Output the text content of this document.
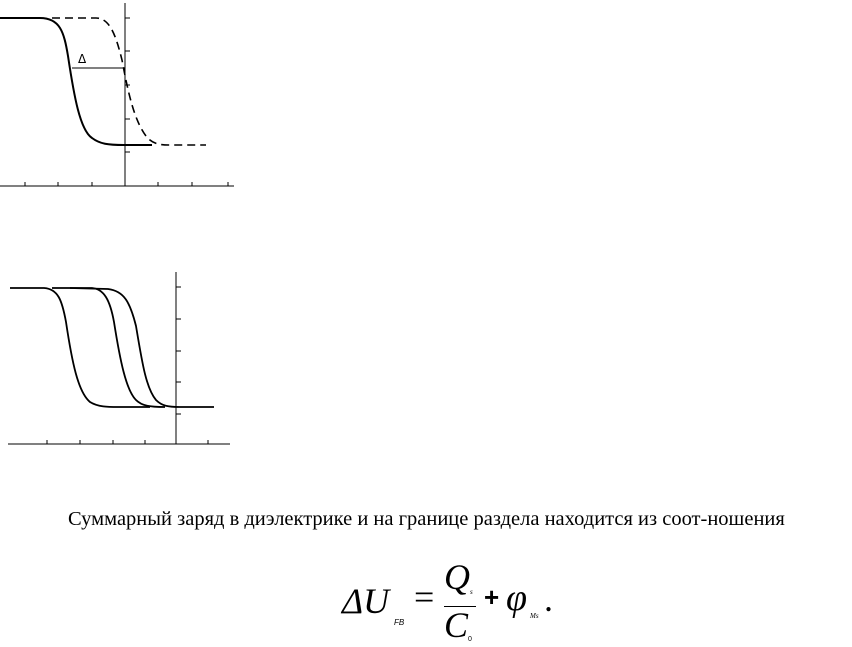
Δ

Суммарный заряд в диэлектрике и на границе раздела находится из соот-ношения

ΔU
FB
= Q s
C 0
+ φ Ms .
